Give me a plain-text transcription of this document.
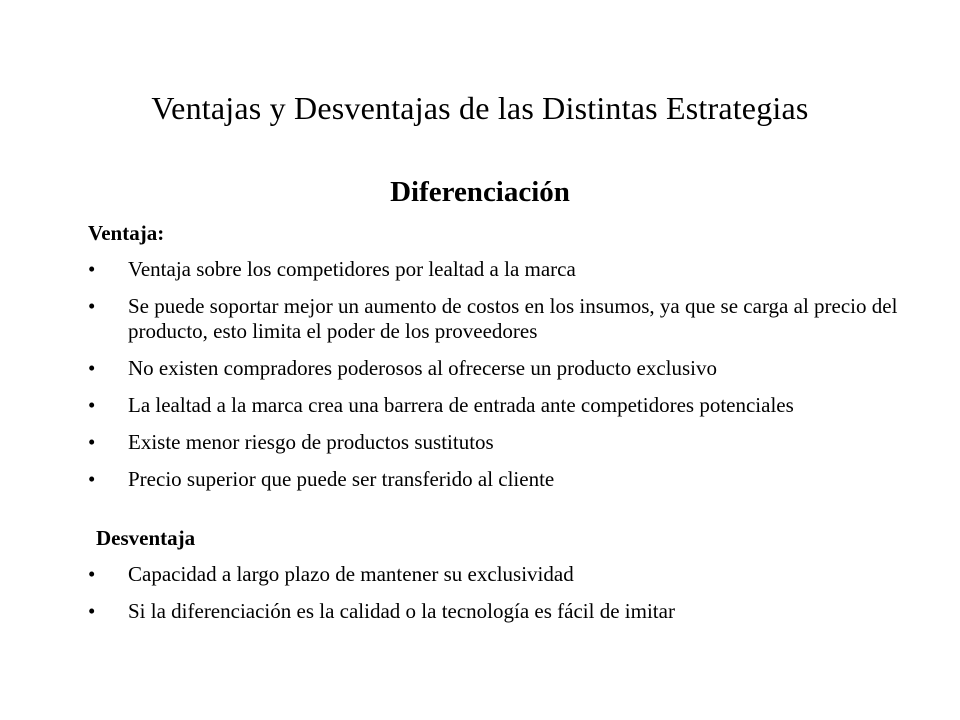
Ventajas y Desventajas de las Distintas Estrategias
Diferenciación
Ventaja:
• Ventaja sobre los competidores por lealtad a la marca
• Se puede soportar mejor un aumento de costos en los insumos, ya que se carga al precio del producto, esto limita el poder de los proveedores
• No existen compradores poderosos al ofrecerse un producto exclusivo
• La lealtad a la marca crea una barrera de entrada ante competidores potenciales
• Existe menor riesgo de productos sustitutos
• Precio superior que puede ser transferido al cliente
Desventaja
• Capacidad a largo plazo de mantener su exclusividad
• Si la diferenciación es la calidad o la tecnología es fácil de imitar
